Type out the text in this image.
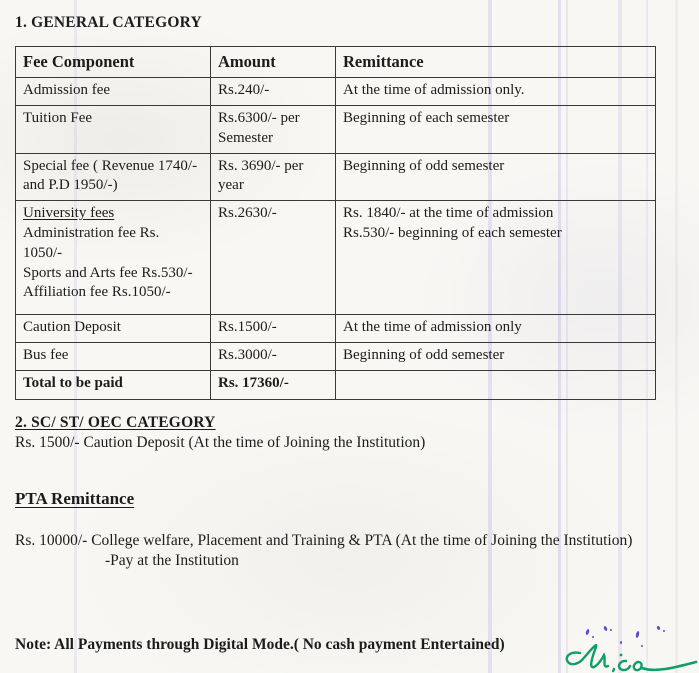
1. GENERAL CATEGORY
Fee Component	Amount	Remittance
Admission fee	Rs.240/-	At the time of admission only.
Tuition Fee	Rs.6300/- per Semester	Beginning of each semester
Special fee ( Revenue 1740/- and P.D 1950/-)	Rs. 3690/- per year	Beginning of odd semester

University fees
Administration fee Rs.
1050/-
Sports and Arts fee Rs.530/-
Affiliation fee Rs.1050/-	Rs.2630/-	Rs. 1840/- at the time of admission
Rs.530/- beginning of each semester

Caution Deposit	Rs.1500/-	At the time of admission only
Bus fee	Rs.3000/-	Beginning of odd semester
Total to be paid	Rs. 17360/-	
2. SC/ ST/ OEC CATEGORY
Rs. 1500/- Caution Deposit (At the time of Joining the Institution)
PTA Remittance
Rs. 10000/- College welfare, Placement and Training & PTA (At the time of Joining the Institution)
-Pay at the Institution
Note: All Payments through Digital Mode.( No cash payment Entertained)
